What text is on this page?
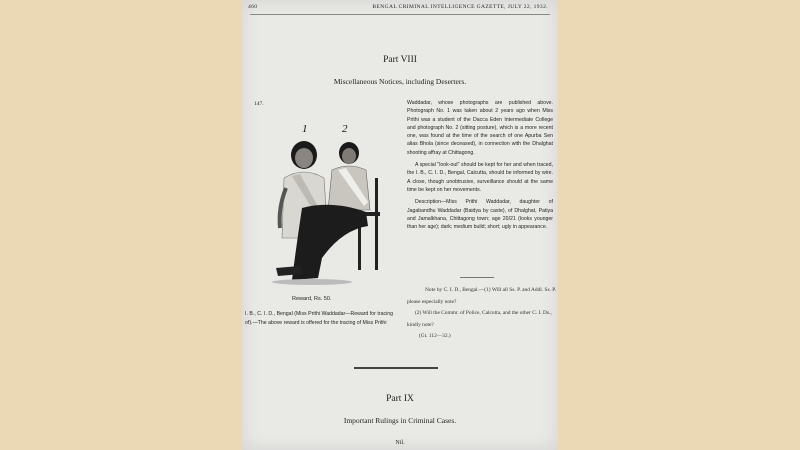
460	BENGAL CRIMINAL INTELLIGENCE GAZETTE, JULY 22, 1932.
Part VIII
Miscellaneous Notices, including Deserters.
147.
1	2
Reward, Rs. 50.
I. B., C. I. D., Bengal (Miss Prithi Waddadar—Reward for tracing of).—The above reward is offered for the tracing of Miss Prithi

Waddadar, whose photographs are published above. Photograph No. 1 was taken about 2 years ago when Miss Prithi was a student of the Dacca Eden Intermediate College and photograph No. 2 (sitting posture), which is a more recent one, was found at the time of the search of one Apurba Sen alias Bhola (since deceased), in connection with the Dhalghat shooting affray at Chittagong.

A special "look-out" should be kept for her and when traced, the I. B., C. I. D., Bengal, Calcutta, should be informed by wire. A close, though unobtrusive, surveillance should at the same time be kept on her movements.

Description—Miss Prithi Waddadar, daughter of Jagabandhu Waddadar (Baidya by caste), of Dhalghat, Patiya and Jamalkhana, Chittagong town; age 20/21 (looks younger than her age); dark; medium build; short; ugly in appearance.

Note by C. I. D., Bengal.—(1) Will all Ss. P. and Addl. Ss. P. please especially note?

(2) Will the Commr. of Police, Calcutta, and the other C. I. Ds., kindly note?

(Gt. 112—32.)

Part IX
Important Rulings in Criminal Cases.
Nil.
